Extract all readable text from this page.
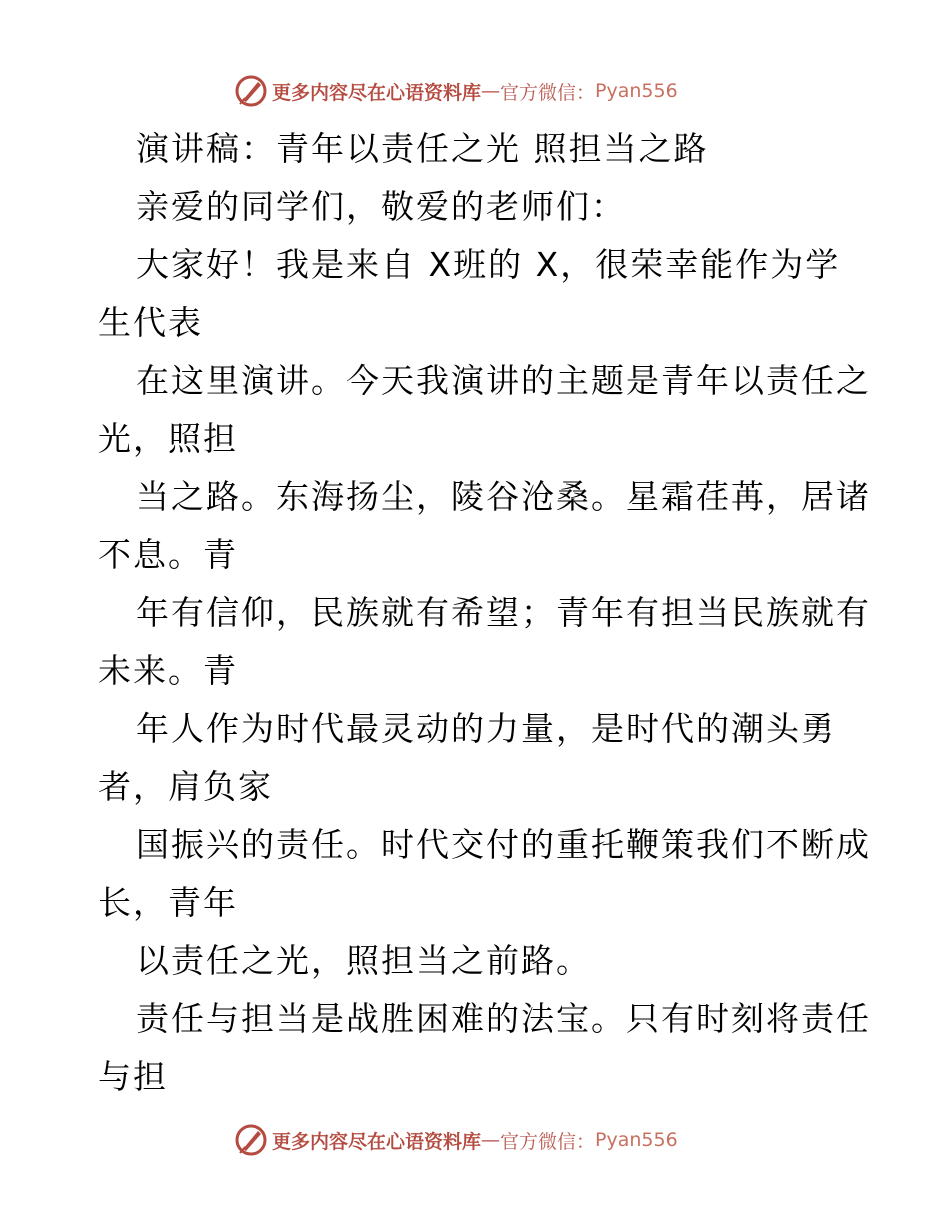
更多内容尽在心语资料库 — 官方微信： Pyan556
演讲稿：青年以责任之光 照担当之路
亲爱的同学们，敬爱的老师们：
大家好！我是来自 X班的 X，很荣幸能作为学
生代表
在这里演讲。今天我演讲的主题是青年以责任之
光，照担
当之路。东海扬尘，陵谷沧桑。星霜荏苒，居诸
不息。青
年有信仰，民族就有希望；青年有担当民族就有
未来。青
年人作为时代最灵动的力量，是时代的潮头勇
者，肩负家
国振兴的责任。时代交付的重托鞭策我们不断成
长，青年
以责任之光，照担当之前路。
责任与担当是战胜困难的法宝。只有时刻将责任
与担
更多内容尽在心语资料库 — 官方微信： Pyan556
